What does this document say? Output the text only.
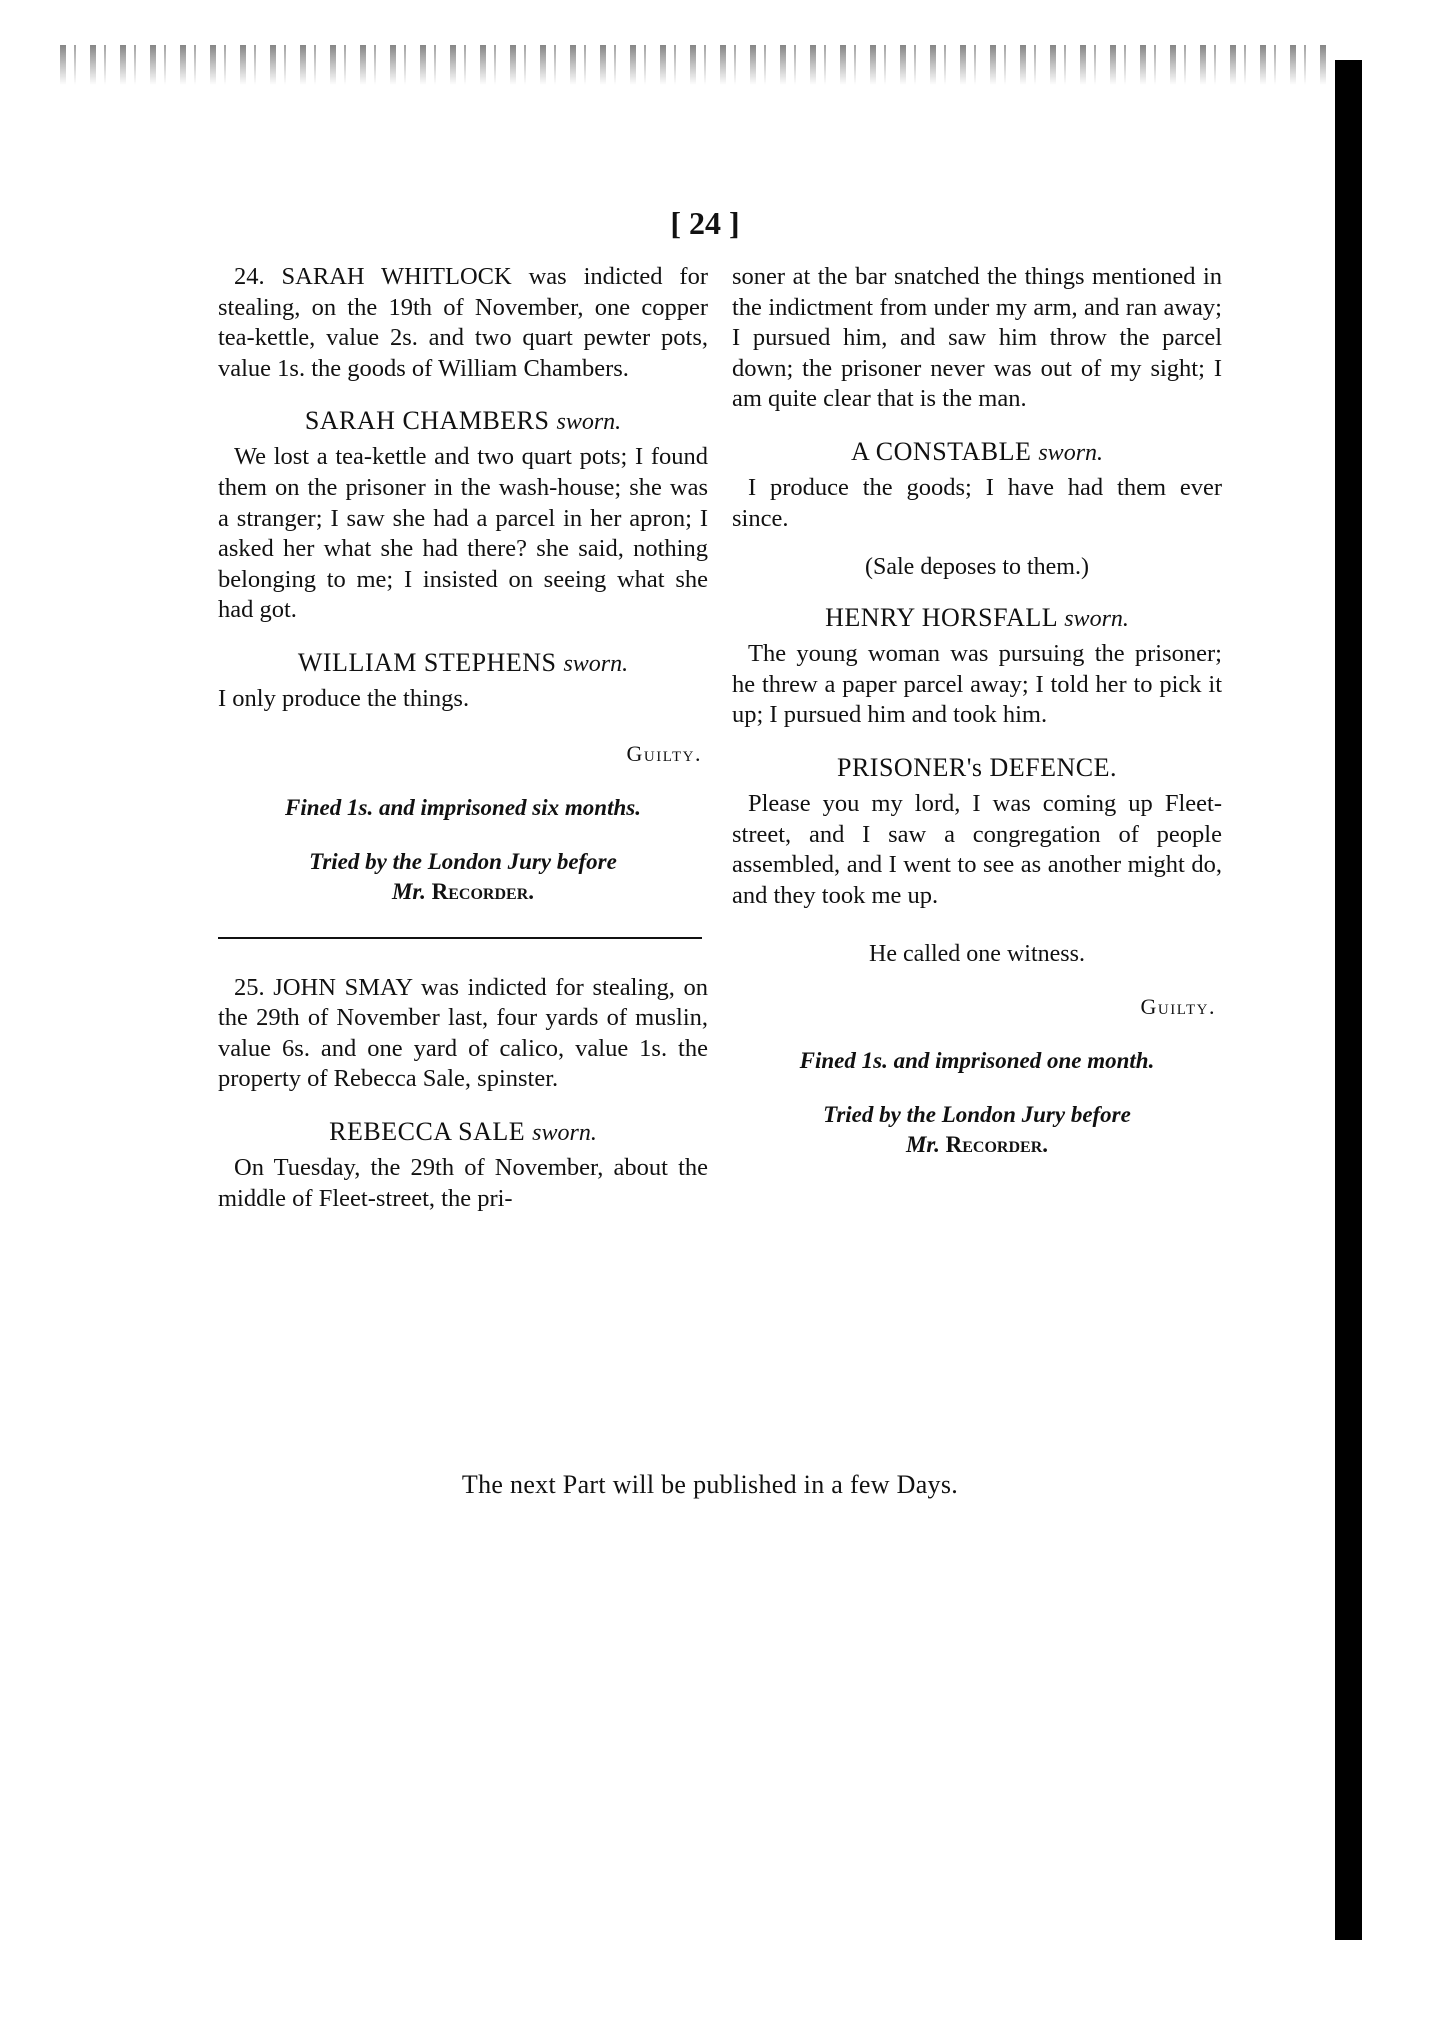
[ 24 ]

24. SARAH WHITLOCK was indicted for stealing, on the 19th of November, one copper tea-kettle, value 2s. and two quart pewter pots, value 1s. the goods of William Chambers.

SARAH CHAMBERS sworn.

We lost a tea-kettle and two quart pots; I found them on the prisoner in the wash-house; she was a stranger; I saw she had a parcel in her apron; I asked her what she had there? she said, nothing belonging to me; I insisted on seeing what she had got.

WILLIAM STEPHENS sworn.

I only produce the things.

Guilty.
Fined 1s. and imprisoned six months.
Tried by the London Jury before
Mr. Recorder.

25. JOHN SMAY was indicted for stealing, on the 29th of November last, four yards of muslin, value 6s. and one yard of calico, value 1s. the property of Rebecca Sale, spinster.

REBECCA SALE sworn.

On Tuesday, the 29th of November, about the middle of Fleet-street, the pri-

soner at the bar snatched the things mentioned in the indictment from under my arm, and ran away; I pursued him, and saw him throw the parcel down; the prisoner never was out of my sight; I am quite clear that is the man.

A CONSTABLE sworn.

I produce the goods; I have had them ever since.

(Sale deposes to them.)
HENRY HORSFALL sworn.

The young woman was pursuing the prisoner; he threw a paper parcel away; I told her to pick it up; I pursued him and took him.

PRISONER's DEFENCE.

Please you my lord, I was coming up Fleet-street, and I saw a congregation of people assembled, and I went to see as another might do, and they took me up.

He called one witness.
Guilty.
Fined 1s. and imprisoned one month.
Tried by the London Jury before
Mr. Recorder.
The next Part will be published in a few Days.
